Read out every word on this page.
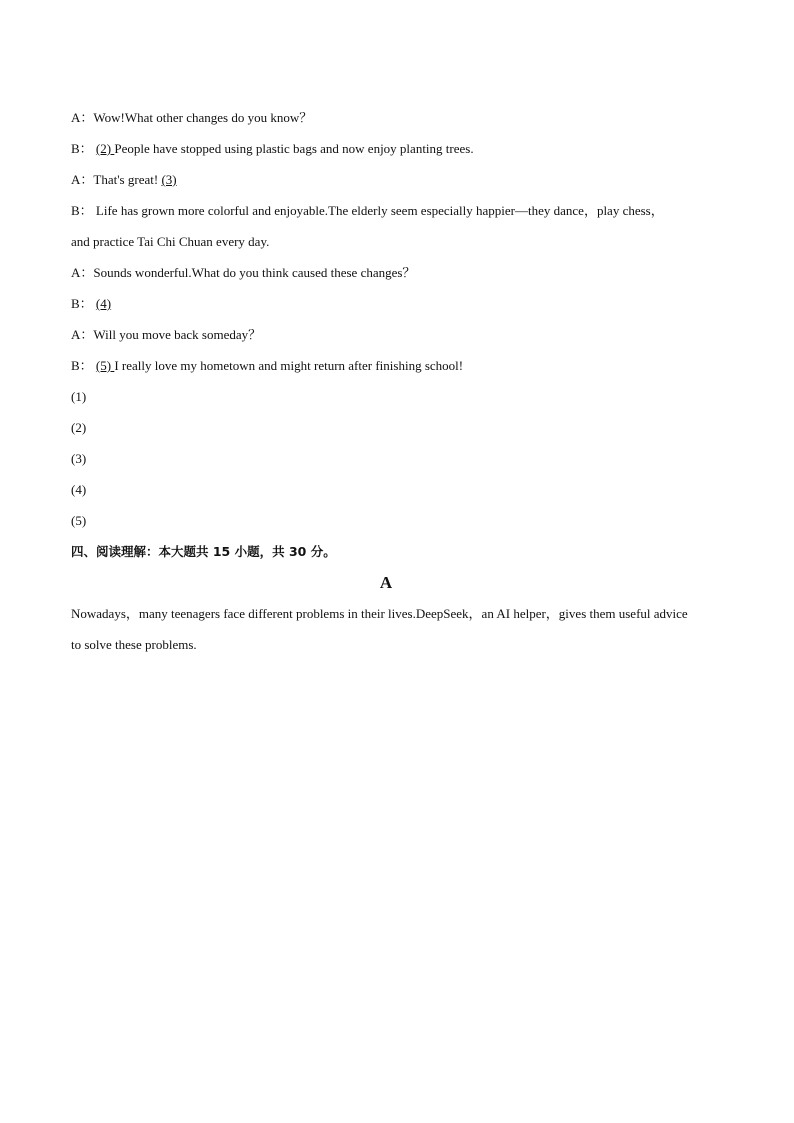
A：Wow!What other changes do you know？
B： (2) People have stopped using plastic bags and now enjoy planting trees.
A：That's great! (3)
B： Life has grown more colorful and enjoyable.The elderly seem especially happier—they dance，play chess，
and practice Tai Chi Chuan every day.
A：Sounds wonderful.What do you think caused these changes？
B： (4)
A：Will you move back someday？
B： (5) I really love my hometown and might return after finishing school!
(1)
(2)
(3)
(4)
(5)
四、阅读理解：本大题共 15 小题，共 30 分。
A
Nowadays，many teenagers face different problems in their lives.DeepSeek，an AI helper，gives them useful advice to solve these problems.
